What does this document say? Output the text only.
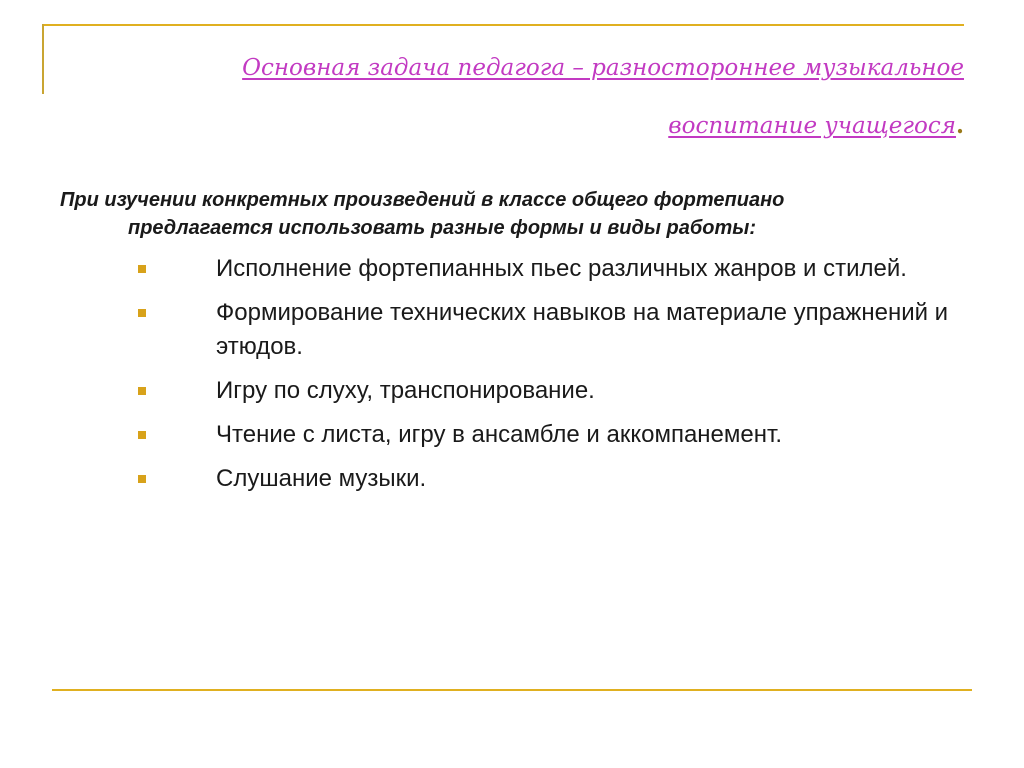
Основная задача педагога – разностороннее музыкальное
воспитание учащегося.
При изучении конкретных произведений в классе общего фортепиано
предлагается использовать разные формы и виды работы:
Исполнение фортепианных пьес различных жанров и стилей.
Формирование технических навыков на материале упражнений и этюдов.
Игру по слуху, транспонирование.
Чтение с листа, игру в ансамбле и аккомпанемент.
Слушание музыки.
